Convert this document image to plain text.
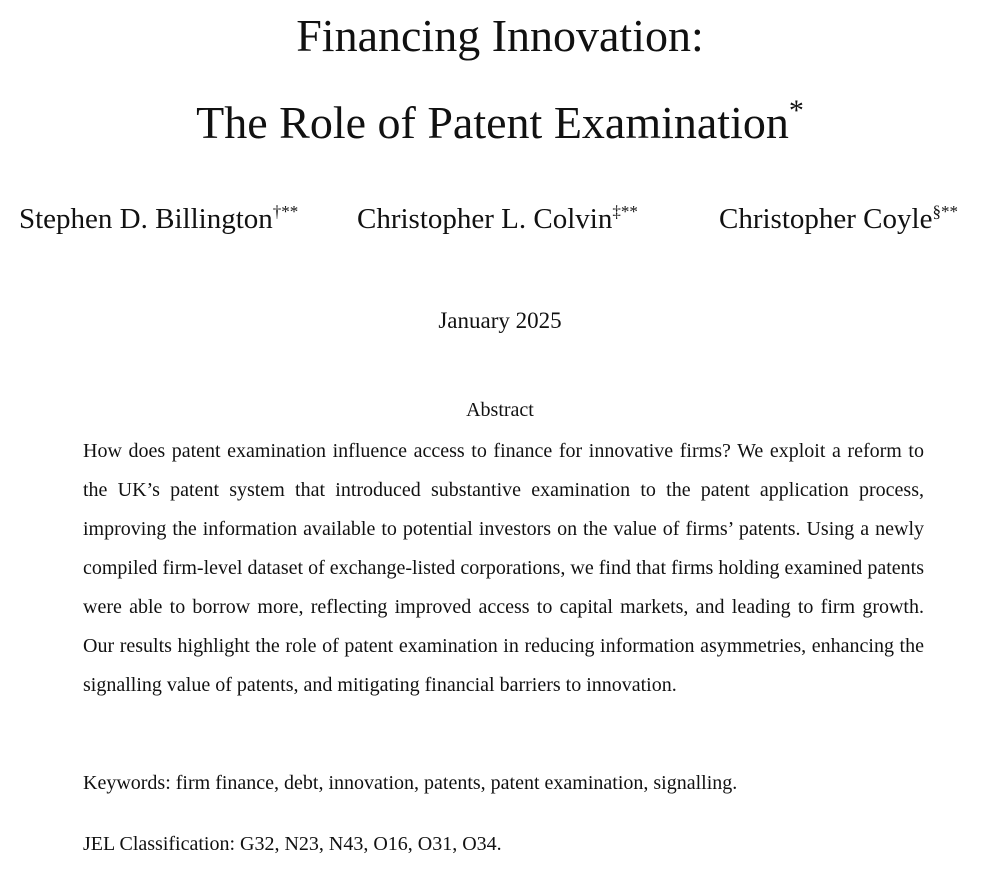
Financing Innovation:
The Role of Patent Examination*
Stephen D. Billington†** Christopher L. Colvin‡**	Christopher Coyle§**
January 2025
Abstract

How does patent examination influence access to finance for innovative firms? We exploit a reform to the UK’s patent system that introduced substantive examination to the patent application process, improving the information available to potential investors on the value of firms’ patents. Using a newly compiled firm-level dataset of exchange-listed corporations, we find that firms holding examined patents were able to borrow more, reflecting improved access to capital markets, and leading to firm growth. Our results highlight the role of patent examination in reducing information asymmetries, enhancing the signalling value of patents, and mitigating financial barriers to innovation.

Keywords: firm finance, debt, innovation, patents, patent examination, signalling.
JEL Classification: G32, N23, N43, O16, O31, O34.
